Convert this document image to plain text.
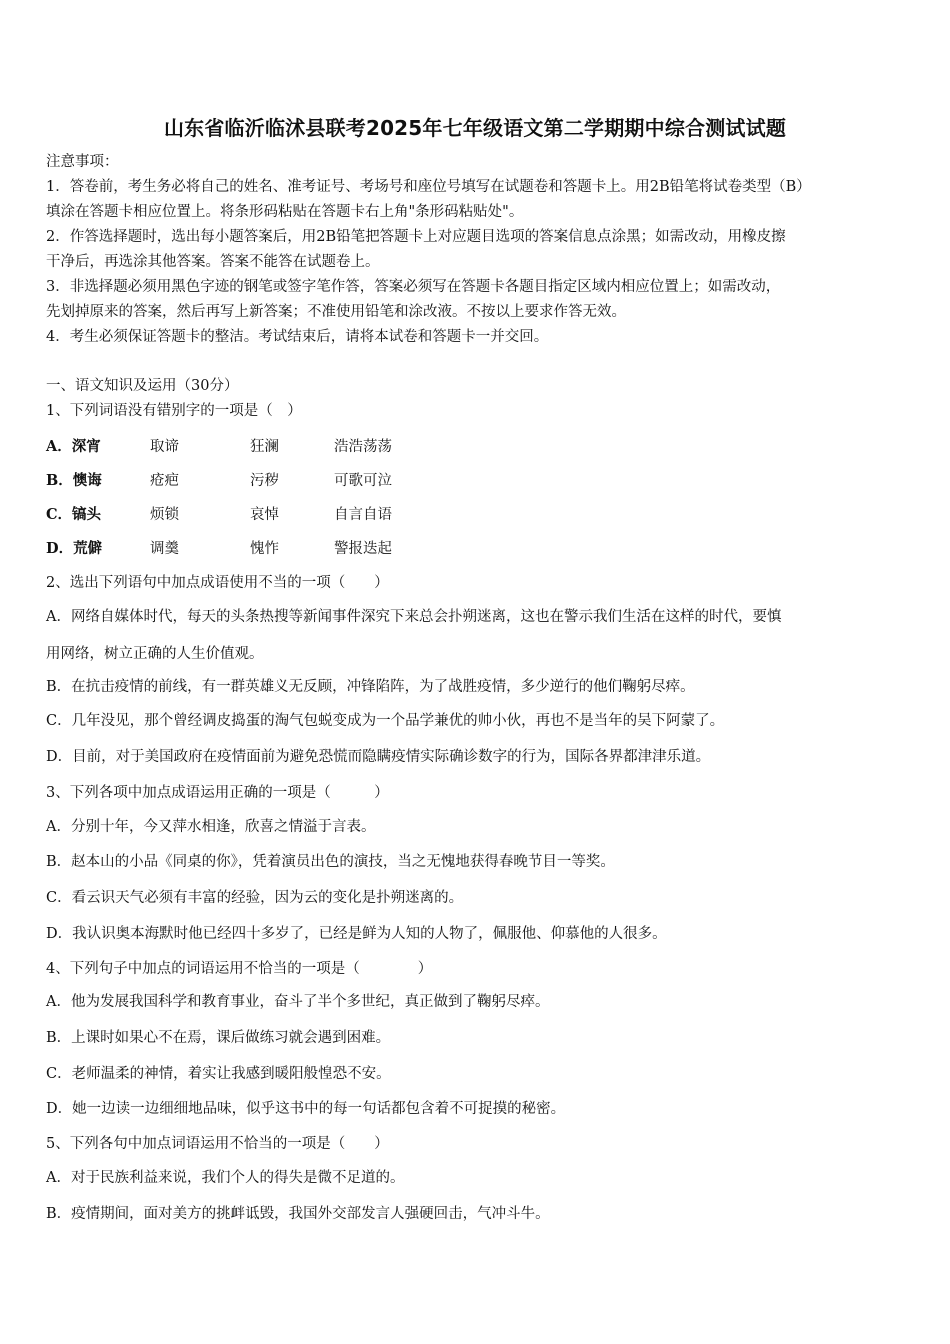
山东省临沂临沭县联考2025年七年级语文第二学期期中综合测试试题
注意事项：
1．答卷前，考生务必将自己的姓名、准考证号、考场号和座位号填写在试题卷和答题卡上。用2B铅笔将试卷类型（B）
填涂在答题卡相应位置上。将条形码粘贴在答题卡右上角"条形码粘贴处"。
2．作答选择题时，选出每小题答案后，用2B铅笔把答题卡上对应题目选项的答案信息点涂黑；如需改动，用橡皮擦
干净后，再选涂其他答案。答案不能答在试题卷上。
3．非选择题必须用黑色字迹的钢笔或签字笔作答，答案必须写在答题卡各题目指定区域内相应位置上；如需改动，
先划掉原来的答案，然后再写上新答案；不准使用铅笔和涂改液。不按以上要求作答无效。
4．考生必须保证答题卡的整洁。考试结束后，请将本试卷和答题卡一并交回。
一、语文知识及运用（30分）
1、下列词语没有错别字的一项是（　）
A．深宵	取谛	狂澜	浩浩荡荡
B．懊诲	疮疤	污秽	可歌可泣
C．镐头	烦锁	哀悼	自言自语
D．荒僻	调羹	愧怍	警报迭起
2、选出下列语句中加点成语使用不当的一项（　　）
A．网络自媒体时代，每天的头条热搜等新闻事件深究下来总会扑朔迷离，这也在警示我们生活在这样的时代，要慎
用网络，树立正确的人生价值观。
B．在抗击疫情的前线，有一群英雄义无反顾，冲锋陷阵，为了战胜疫情，多少逆行的他们鞠躬尽瘁。
C．几年没见，那个曾经调皮捣蛋的淘气包蜕变成为一个品学兼优的帅小伙，再也不是当年的吴下阿蒙了。
D．目前，对于美国政府在疫情面前为避免恐慌而隐瞒疫情实际确诊数字的行为，国际各界都津津乐道。
3、下列各项中加点成语运用正确的一项是（　　　）
A．分别十年，今又萍水相逢，欣喜之情溢于言表。
B．赵本山的小品《同桌的你》，凭着演员出色的演技，当之无愧地获得春晚节目一等奖。
C．看云识天气必须有丰富的经验，因为云的变化是扑朔迷离的。
D．我认识奥本海默时他已经四十多岁了，已经是鲜为人知的人物了，佩服他、仰慕他的人很多。
4、下列句子中加点的词语运用不恰当的一项是（　　　　）
A．他为发展我国科学和教育事业，奋斗了半个多世纪，真正做到了鞠躬尽瘁。
B．上课时如果心不在焉，课后做练习就会遇到困难。
C．老师温柔的神情，着实让我感到暖阳般惶恐不安。
D．她一边读一边细细地品味，似乎这书中的每一句话都包含着不可捉摸的秘密。
5、下列各句中加点词语运用不恰当的一项是（　　）
A．对于民族利益来说，我们个人的得失是微不足道的。
B．疫情期间，面对美方的挑衅诋毁，我国外交部发言人强硬回击，气冲斗牛。
